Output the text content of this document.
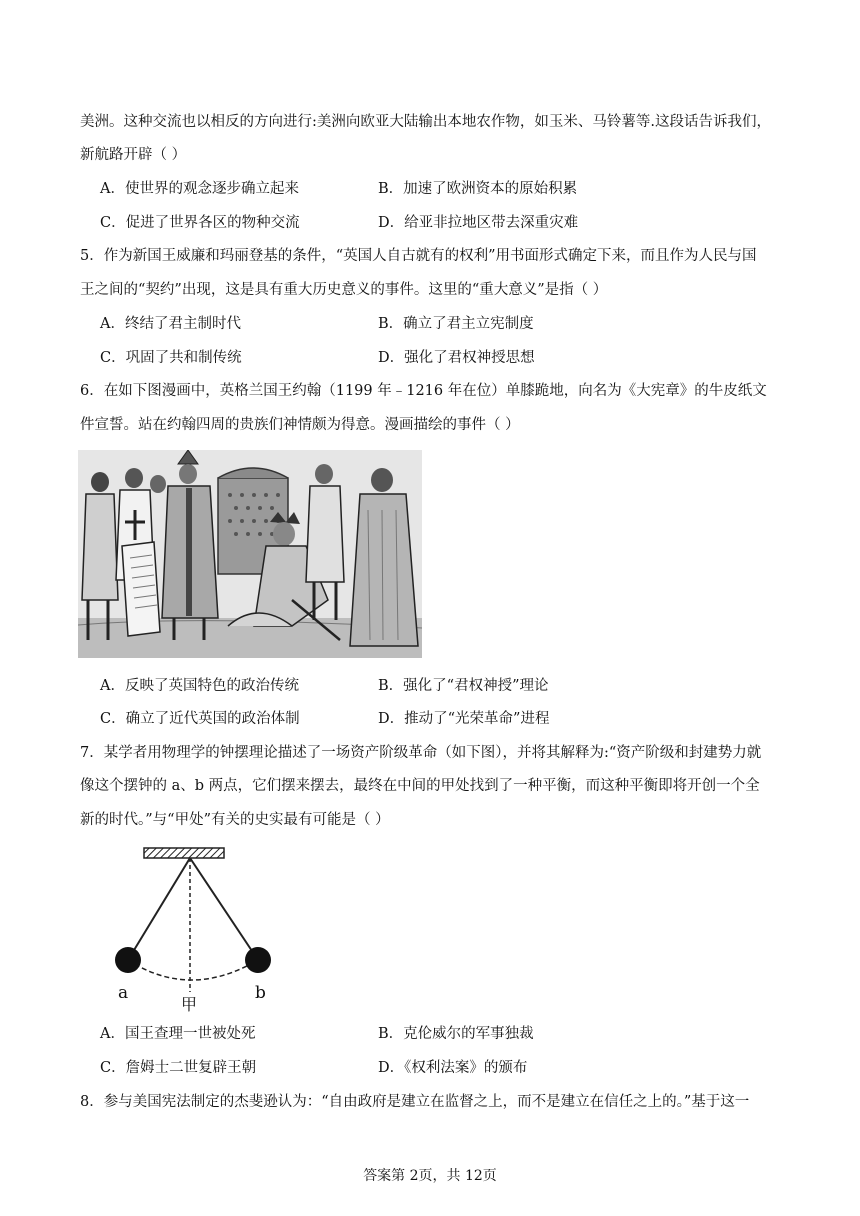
美洲。这种交流也以相反的方向进行:美洲向欧亚大陆输出本地农作物，如玉米、马铃薯等.这段话告诉我们，
新航路开辟（ ）
A．使世界的观念逐步确立起来	B．加速了欧洲资本的原始积累
C．促进了世界各区的物种交流	D．给亚非拉地区带去深重灾难
5．作为新国王威廉和玛丽登基的条件，“英国人自古就有的权利”用书面形式确定下来，而且作为人民与国
王之间的“契约”出现，这是具有重大历史意义的事件。这里的“重大意义”是指（ ）
A．终结了君主制时代	B．确立了君主立宪制度
C．巩固了共和制传统	D．强化了君权神授思想
6．在如下图漫画中，英格兰国王约翰（1199 年﹣1216 年在位）单膝跪地，向名为《大宪章》的牛皮纸文
件宣誓。站在约翰四周的贵族们神情颇为得意。漫画描绘的事件（ ）
A．反映了英国特色的政治传统	B．强化了“君权神授”理论
C．确立了近代英国的政治体制	D．推动了“光荣革命”进程
7．某学者用物理学的钟摆理论描述了一场资产阶级革命（如下图），并将其解释为:“资产阶级和封建势力就
像这个摆钟的 a、b 两点，它们摆来摆去，最终在中间的甲处找到了一种平衡，而这种平衡即将开创一个全
新的时代。”与“甲处”有关的史实最有可能是（ ）
a	b
甲
A．国王查理一世被处死	B．克伦威尔的军事独裁
C．詹姆士二世复辟王朝	D．《权利法案》的颁布
8．参与美国宪法制定的杰斐逊认为：“自由政府是建立在监督之上，而不是建立在信任之上的。”基于这一
答案第 2页，共 12页
